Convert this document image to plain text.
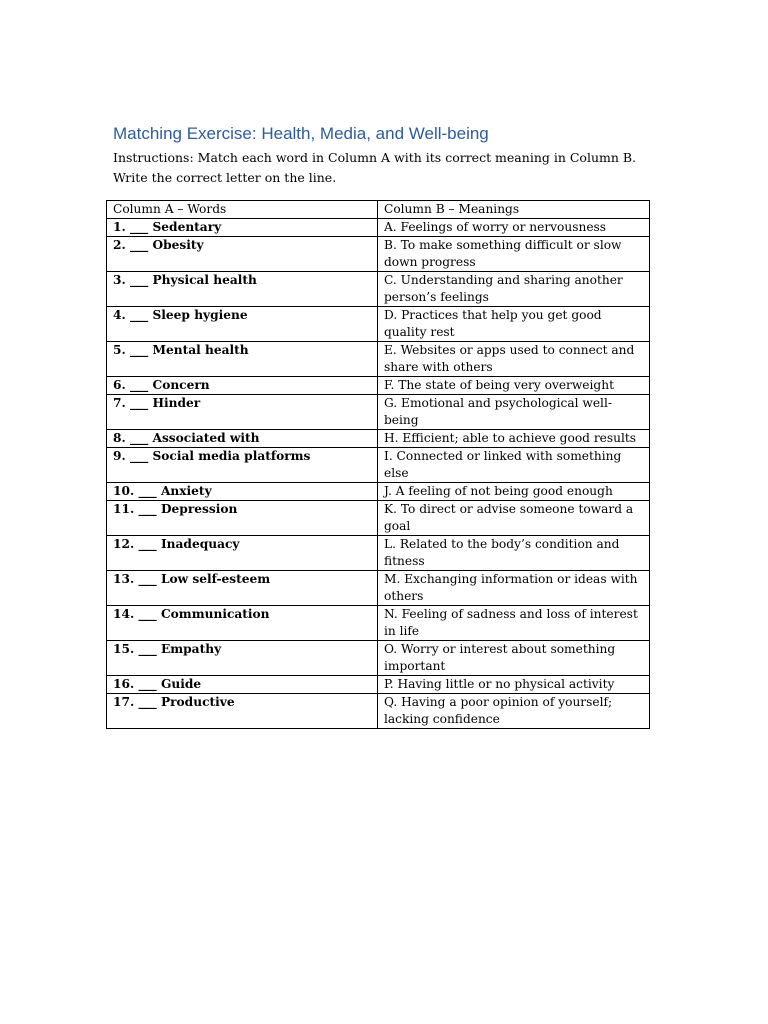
Matching Exercise: Health, Media, and Well-being

Instructions: Match each word in Column A with its correct meaning in Column B. Write the correct letter on the line.

Column A – Words	Column B – Meanings
1. ___ Sedentary	A. Feelings of worry or nervousness
2. ___ Obesity	B. To make something difficult or slow down progress
3. ___ Physical health	C. Understanding and sharing another person’s feelings
4. ___ Sleep hygiene	D. Practices that help you get good quality rest
5. ___ Mental health	E. Websites or apps used to connect and share with others
6. ___ Concern	F. The state of being very overweight
7. ___ Hinder	G. Emotional and psychological well-being
8. ___ Associated with	H. Efficient; able to achieve good results
9. ___ Social media platforms	I. Connected or linked with something else
10. ___ Anxiety	J. A feeling of not being good enough
11. ___ Depression	K. To direct or advise someone toward a goal
12. ___ Inadequacy	L. Related to the body’s condition and fitness
13. ___ Low self-esteem	M. Exchanging information or ideas with others
14. ___ Communication	N. Feeling of sadness and loss of interest in life
15. ___ Empathy	O. Worry or interest about something important
16. ___ Guide	P. Having little or no physical activity
17. ___ Productive	Q. Having a poor opinion of yourself; lacking confidence
